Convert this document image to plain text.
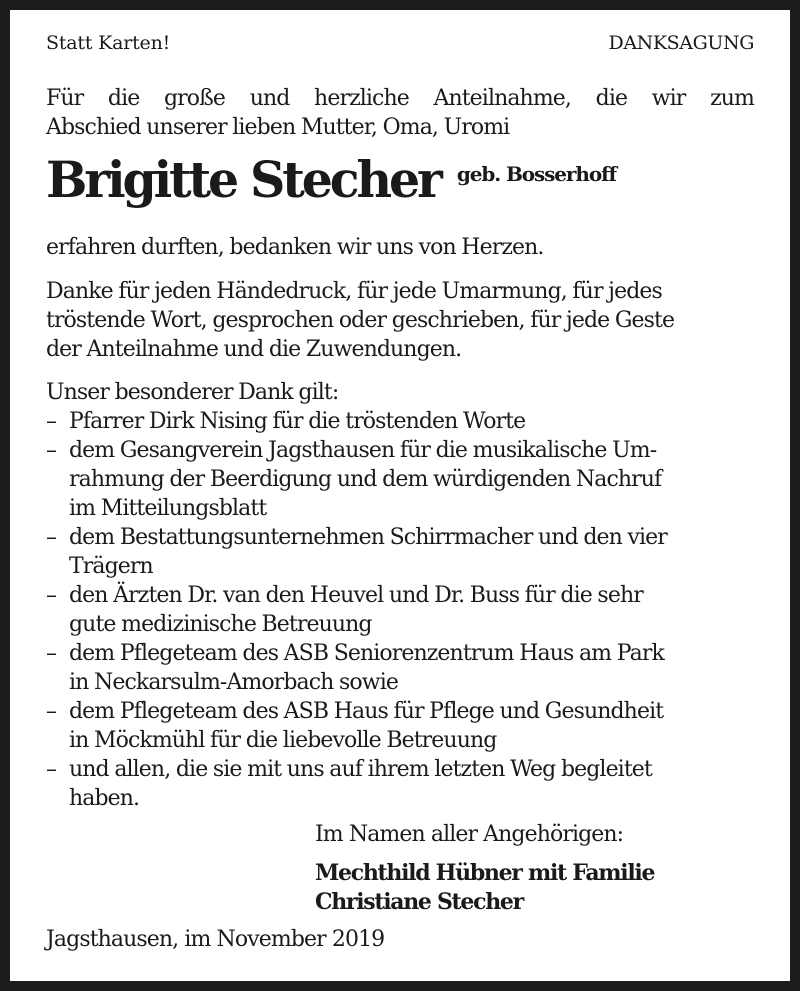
Statt Karten!	DANKSAGUNG
Für die große und herzliche Anteilnahme, die wir zum
Abschied unserer lieben Mutter, Oma, Uromi
Brigitte Stecher geb. Bosserhoff
erfahren durften, bedanken wir uns von Herzen.
Danke für jeden Händedruck, für jede Umarmung, für jedes
tröstende Wort, gesprochen oder geschrieben, für jede Geste
der Anteilnahme und die Zuwendungen.
Unser besonderer Dank gilt:
– Pfarrer Dirk Nising für die tröstenden Worte
– dem Gesangverein Jagsthausen für die musikalische Um-
rahmung der Beerdigung und dem würdigenden Nachruf
im Mitteilungsblatt
– dem Bestattungsunternehmen Schirrmacher und den vier
Trägern
– den Ärzten Dr. van den Heuvel und Dr. Buss für die sehr
gute medizinische Betreuung
– dem Pflegeteam des ASB Seniorenzentrum Haus am Park
in Neckarsulm-Amorbach sowie
– dem Pflegeteam des ASB Haus für Pflege und Gesundheit
in Möckmühl für die liebevolle Betreuung
– und allen, die sie mit uns auf ihrem letzten Weg begleitet
haben.
Im Namen aller Angehörigen:
Mechthild Hübner mit Familie
Christiane Stecher
Jagsthausen, im November 2019
